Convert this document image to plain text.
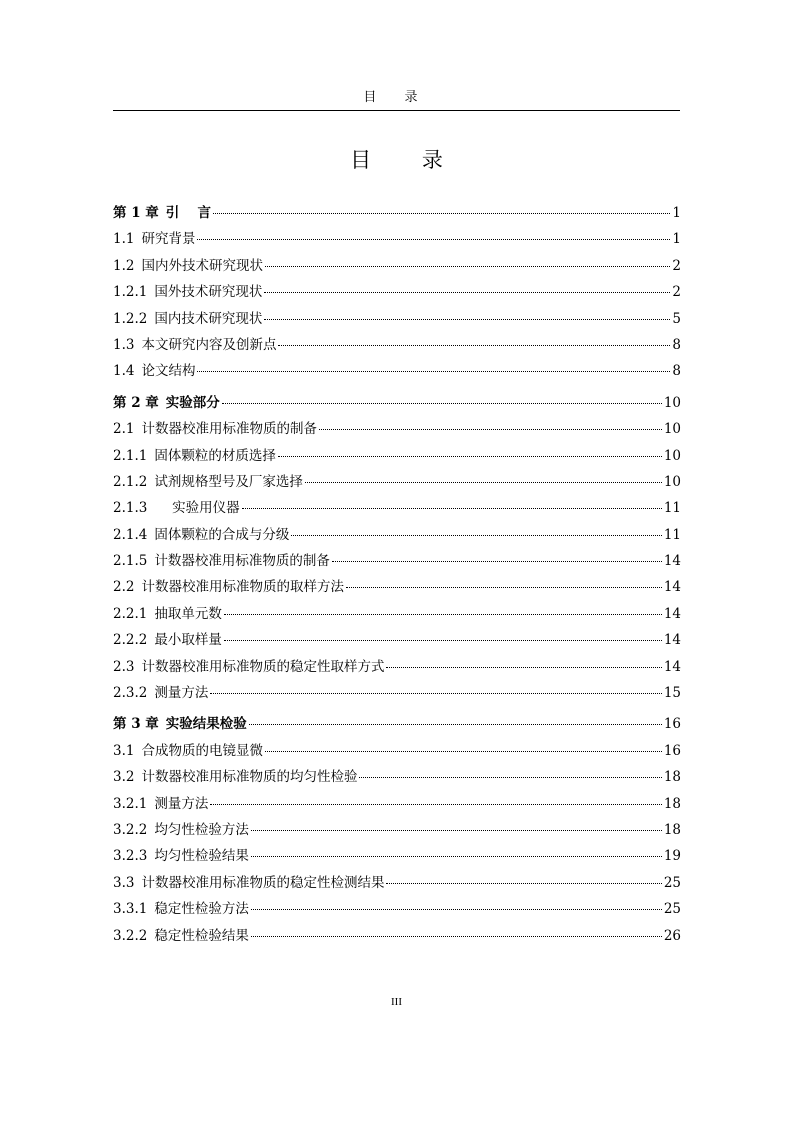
目 录
目 录
第 1 章 引　 言	1
1.1 研究背景	1
1.2 国内外技术研究现状	2
1.2.1 国外技术研究现状	2
1.2.2 国内技术研究现状	5
1.3 本文研究内容及创新点	8
1.4 论文结构	8
第 2 章 实验部分	10
2.1 计数器校准用标准物质的制备	10
2.1.1 固体颗粒的材质选择	10
2.1.2 试剂规格型号及厂家选择	10
2.1.3 　 实验用仪器	11
2.1.4 固体颗粒的合成与分级	11
2.1.5 计数器校准用标准物质的制备	14
2.2 计数器校准用标准物质的取样方法	14
2.2.1 抽取单元数	14
2.2.2 最小取样量	14
2.3 计数器校准用标准物质的稳定性取样方式	14
2.3.2 测量方法	15
第 3 章 实验结果检验	16
3.1 合成物质的电镜显微	16
3.2 计数器校准用标准物质的均匀性检验	18
3.2.1 测量方法	18
3.2.2 均匀性检验方法	18
3.2.3 均匀性检验结果	19
3.3 计数器校准用标准物质的稳定性检测结果	25
3.3.1 稳定性检验方法	25
3.2.2 稳定性检验结果	26
III
